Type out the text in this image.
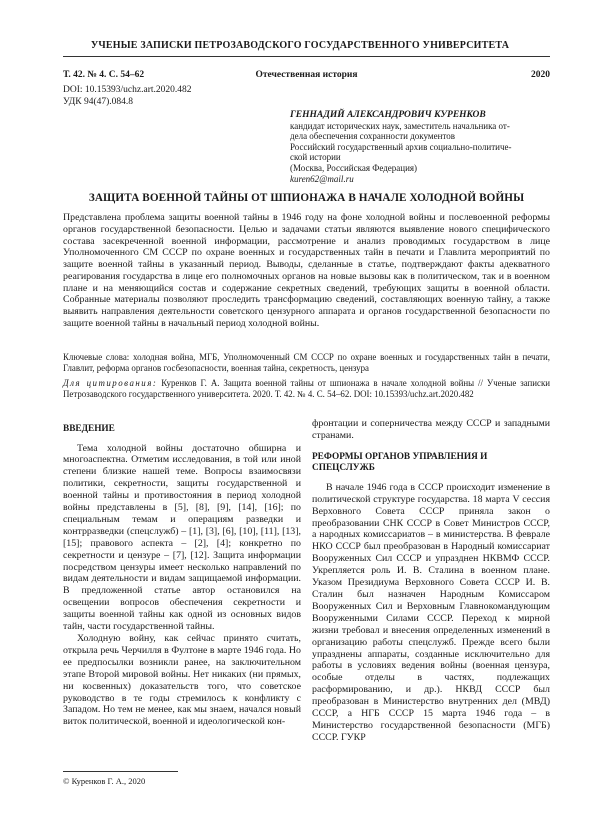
УЧЕНЫЕ ЗАПИСКИ ПЕТРОЗАВОДСКОГО ГОСУДАРСТВЕННОГО УНИВЕРСИТЕТА
Т. 42. № 4. С. 54–62	Отечественная история	2020
DOI: 10.15393/uchz.art.2020.482
УДК 94(47).084.8
ГЕННАДИЙ АЛЕКСАНДРОВИЧ КУРЕНКОВ
кандидат исторических наук, заместитель начальника от-
дела обеспечения сохранности документов
Российский государственный архив социально-политиче-
ской истории
(Москва, Российская Федерация)
kuren62@mail.ru
ЗАЩИТА ВОЕННОЙ ТАЙНЫ ОТ ШПИОНАЖА В НАЧАЛЕ ХОЛОДНОЙ ВОЙНЫ
Представлена проблема защиты военной тайны в 1946 году на фоне холодной войны и послевоенной реформы органов государственной безопасности. Целью и задачами статьи являются выявление нового специфического состава засекреченной военной информации, рассмотрение и анализ проводимых государством в лице Уполномоченного СМ СССР по охране военных и государственных тайн в печати и Главлита мероприятий по защите военной тайны в указанный период. Выводы, сделанные в статье, подтверждают факты адекватного реагирования государства в лице его полномочных органов на новые вызовы как в политическом, так и в военном плане и на меняющийся состав и содержание секретных сведений, требующих защиты в военной области. Собранные материалы позволяют проследить трансформацию сведений, составляющих военную тайну, а также выявить направления деятельности советского цензурного аппарата и органов государственной безопасности по защите военной тайны в начальный период холодной войны.
Ключевые слова: холодная война, МГБ, Уполномоченный СМ СССР по охране военных и государственных тайн в печати, Главлит, реформа органов госбезопасности, военная тайна, секретность, цензура
Для цитирования: Куренков Г. А. Защита военной тайны от шпионажа в начале холодной войны // Ученые записки Петрозаводского государственного университета. 2020. Т. 42. № 4. С. 54–62. DOI: 10.15393/uchz.art.2020.482
ВВЕДЕНИЕ

Тема холодной войны достаточно обширна и многоаспектна. Отметим исследования, в той или иной степени близкие нашей теме. Вопросы взаимосвязи политики, секретности, защиты государственной и военной тайны и противостояния в период холодной войны представлены в [5], [8], [9], [14], [16]; по специальным темам и операциям разведки и контрразведки (спецслужб) – [1], [3], [6], [10], [11], [13], [15]; правового аспекта – [2], [4]; конкретно по секретности и цензуре – [7], [12]. Защита информации посредством цензуры имеет несколько направлений по видам деятельности и видам защищаемой информации. В предложенной статье автор остановился на освещении вопросов обеспечения секретности и защиты военной тайны как одной из основных видов тайн, части государственной тайны.

Холодную войну, как сейчас принято считать, открыла речь Черчилля в Фултоне в марте 1946 года. Но ее предпосылки возникли ранее, на заключительном этапе Второй мировой войны. Нет никаких (ни прямых, ни косвенных) доказательств того, что советское руководство в те годы стремилось к конфликту с Западом. Но тем не менее, как мы знаем, начался новый виток политической, военной и идеологической кон-

фронтации и соперничества между СССР и западными странами.

РЕФОРМЫ ОРГАНОВ УПРАВЛЕНИЯ И СПЕЦСЛУЖБ

В начале 1946 года в СССР происходит изменение в политической структуре государства. 18 марта V сессия Верховного Совета СССР приняла закон о преобразовании СНК СССР в Совет Министров СССР, а народных комиссариатов – в министерства. В феврале НКО СССР был преобразован в Народный комиссариат Вооруженных Сил СССР и упразднен НКВМФ СССР. Укрепляется роль И. В. Сталина в военном плане. Указом Президиума Верховного Совета СССР И. В. Сталин был назначен Народным Комиссаром Вооруженных Сил и Верховным Главнокомандующим Вооруженными Силами СССР. Переход к мирной жизни требовал и внесения определенных изменений в организацию работы спецслужб. Прежде всего были упразднены аппараты, созданные исключительно для работы в условиях ведения войны (военная цензура, особые отделы в частях, подлежащих расформированию, и др.). НКВД СССР был преобразован в Министерство внутренних дел (МВД) СССР, а НГБ СССР 15 марта 1946 года – в Министерство государственной безопасности (МГБ) СССР. ГУКР

© Куренков Г. А., 2020
